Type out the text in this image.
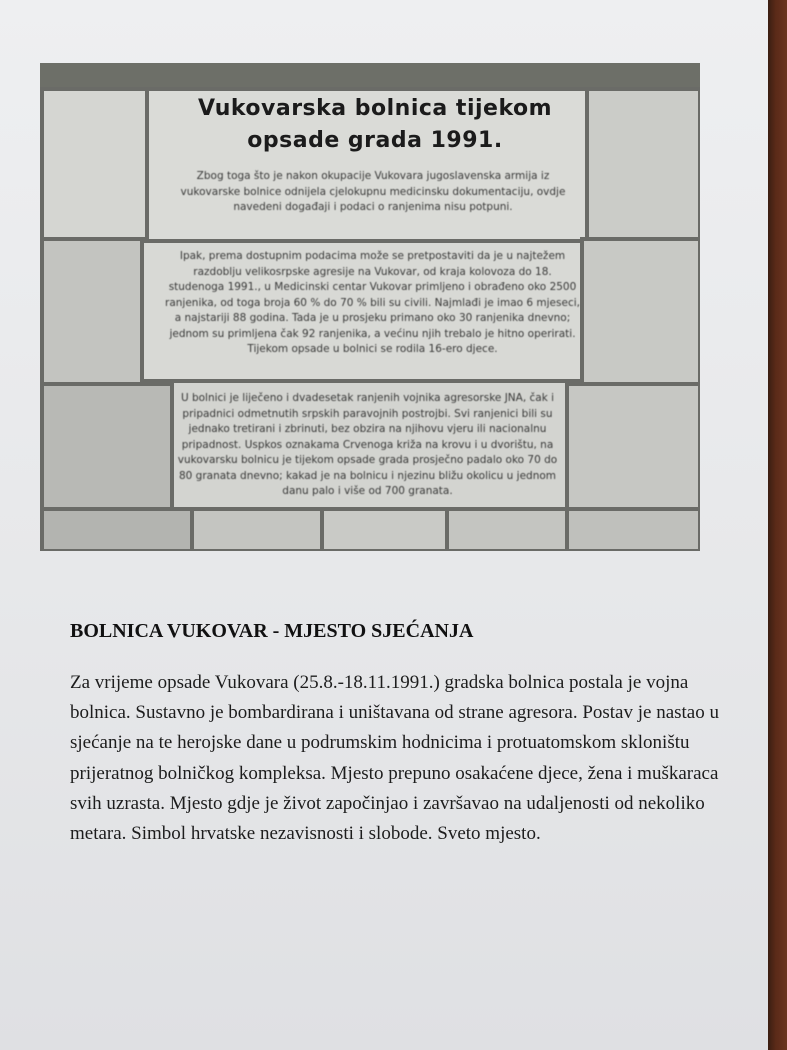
Vukovarska bolnica tijekom opsade grada 1991.
Zbog toga što je nakon okupacije Vukovara jugoslavenska armija iz vukovarske bolnice odnijela cjelokupnu medicinsku dokumentaciju, ovdje navedeni događaji i podaci o ranjenima nisu potpuni.
Ipak, prema dostupnim podacima može se pretpostaviti da je u najtežem razdoblju velikosrpske agresije na Vukovar, od kraja kolovoza do 18. studenoga 1991., u Medicinski centar Vukovar primljeno i obrađeno oko 2500 ranjenika, od toga brojа 60 % do 70 % bili su civili. Najmlađi je imao 6 mjeseci, a najstariji 88 godina. Tada je u prosjeku primano oko 30 ranjenika dnevno; jednom su primljena čak 92 ranjenika, a većinu njih trebalo je hitno operirati. Tijekom opsade u bolnici se rodila 16-ero djece.
U bolnici je liječeno i dvadesetak ranjenih vojnika agresorske JNA, čak i pripadnici odmetnutih srpskih paravojnih postrojbi. Svi ranjenici bili su jednako tretirani i zbrinuti, bez obzira na njihovu vjeru ili nacionalnu pripadnost. Uspkos oznakama Crvenoga križa na krovu i u dvorištu, na vukovarsku bolnicu je tijekom opsade grada prosječno padalo oko 70 do 80 granata dnevno; kakad je na bolnicu i njezinu bližu okolicu u jednom danu palo i više od 700 granata.
BOLNICA VUKOVAR - MJESTO SJEĆANJA

Za vrijeme opsade Vukovara (25.8.-18.11.1991.) gradska bolnica postala je vojna bolnica. Sustavno je bombardirana i uništavana od strane agresora. Postav je nastao u sjećanje na te herojske dane u podrumskim hodnicima i protuatomskom skloništu prijeratnog bolničkog kompleksa. Mjesto prepuno osakaćene djece, žena i muškaraca svih uzrasta. Mjesto gdje je život započinjao i završavao na udaljenosti od nekoliko metara. Simbol hrvatske nezavisnosti i slobode. Sveto mjesto.
